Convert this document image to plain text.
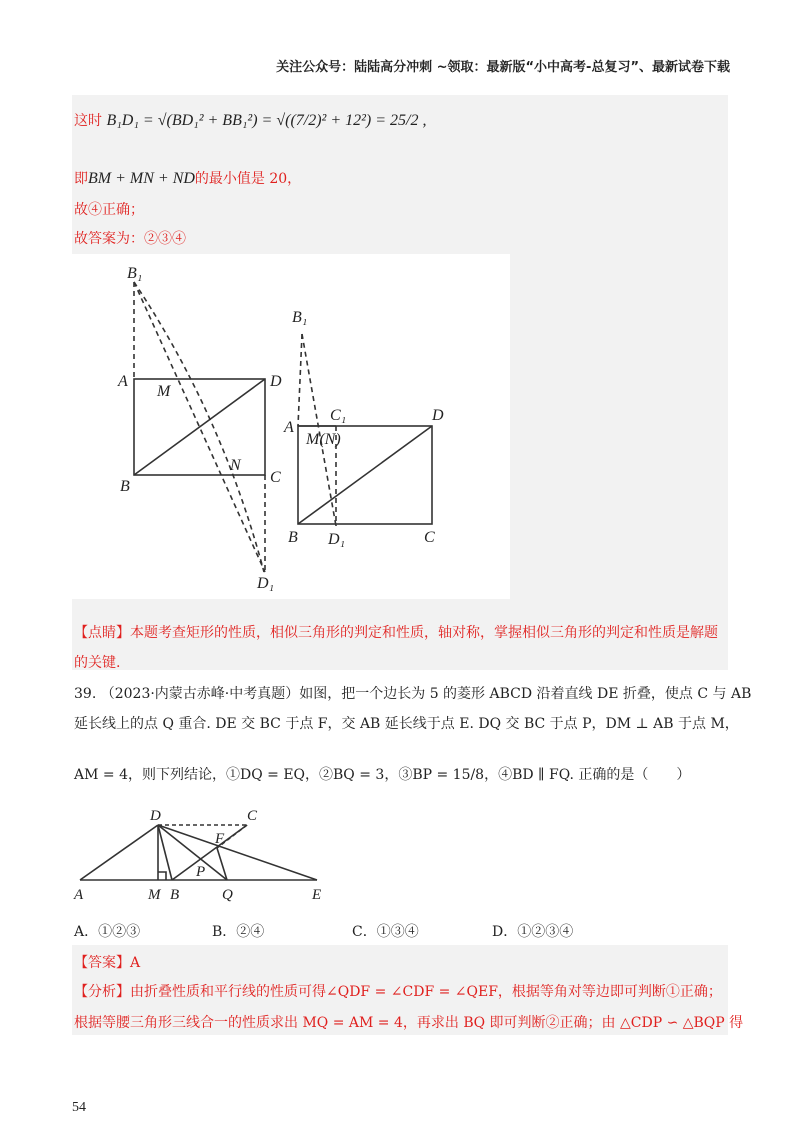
关注公众号：陆陆高分冲刺 ~领取：最新版“小中高考-总复习”、最新试卷下载
这时 B₁D₁ = √(BD₁² + BB₁²) = √((7/2)² + 12²) = 25/2 ,
即BM + MN + ND的最小值是 20，
故④正确；
故答案为：②③④
B₁
A
M
D
B
N
C
D₁
B₁
C₁	D
A
M(N)
B D₁	C
【点睛】本题考查矩形的性质，相似三角形的判定和性质，轴对称，掌握相似三角形的判定和性质是解题
的关键.
39. （2023·内蒙古赤峰·中考真题）如图，把一个边长为 5 的菱形 ABCD 沿着直线 DE 折叠，使点 C 与 AB
延长线上的点 Q 重合. DE 交 BC 于点 F，交 AB 延长线于点 E. DQ 交 BC 于点 P，DM ⊥ AB 于点 M，
AM = 4，则下列结论，①DQ = EQ，②BQ = 3，③BP = 15/8，④BD ∥ FQ. 正确的是（　　）
D	C
F
P
A	M B	Q	E
A．①②③	B．②④	C．①③④	D．①②③④
【答案】A
【分析】由折叠性质和平行线的性质可得∠QDF = ∠CDF = ∠QEF，根据等角对等边即可判断①正确；
根据等腰三角形三线合一的性质求出 MQ = AM = 4，再求出 BQ 即可判断②正确；由 △CDP ∽ △BQP 得
54
